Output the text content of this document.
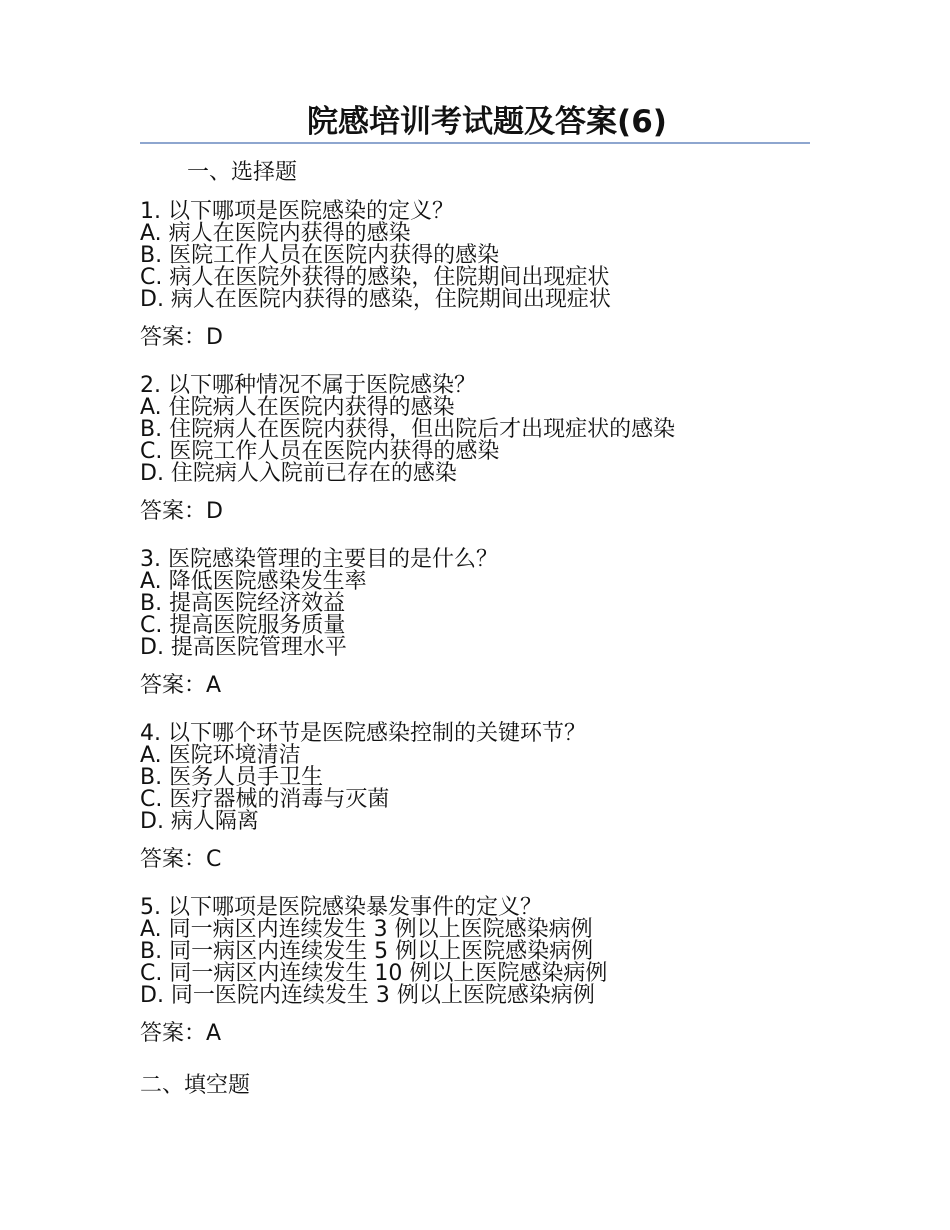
院感培训考试题及答案(6)

一、选择题

1. 以下哪项是医院感染的定义？

A. 病人在医院内获得的感染

B. 医院工作人员在医院内获得的感染

C. 病人在医院外获得的感染，住院期间出现症状

D. 病人在医院内获得的感染，住院期间出现症状

答案：D

2. 以下哪种情况不属于医院感染？

A. 住院病人在医院内获得的感染

B. 住院病人在医院内获得，但出院后才出现症状的感染

C. 医院工作人员在医院内获得的感染

D. 住院病人入院前已存在的感染

答案：D

3. 医院感染管理的主要目的是什么？

A. 降低医院感染发生率

B. 提高医院经济效益

C. 提高医院服务质量

D. 提高医院管理水平

答案：A

4. 以下哪个环节是医院感染控制的关键环节？

A. 医院环境清洁

B. 医务人员手卫生

C. 医疗器械的消毒与灭菌

D. 病人隔离

答案：C

5. 以下哪项是医院感染暴发事件的定义？

A. 同一病区内连续发生 3 例以上医院感染病例

B. 同一病区内连续发生 5 例以上医院感染病例

C. 同一病区内连续发生 10 例以上医院感染病例

D. 同一医院内连续发生 3 例以上医院感染病例

答案：A

二、填空题
